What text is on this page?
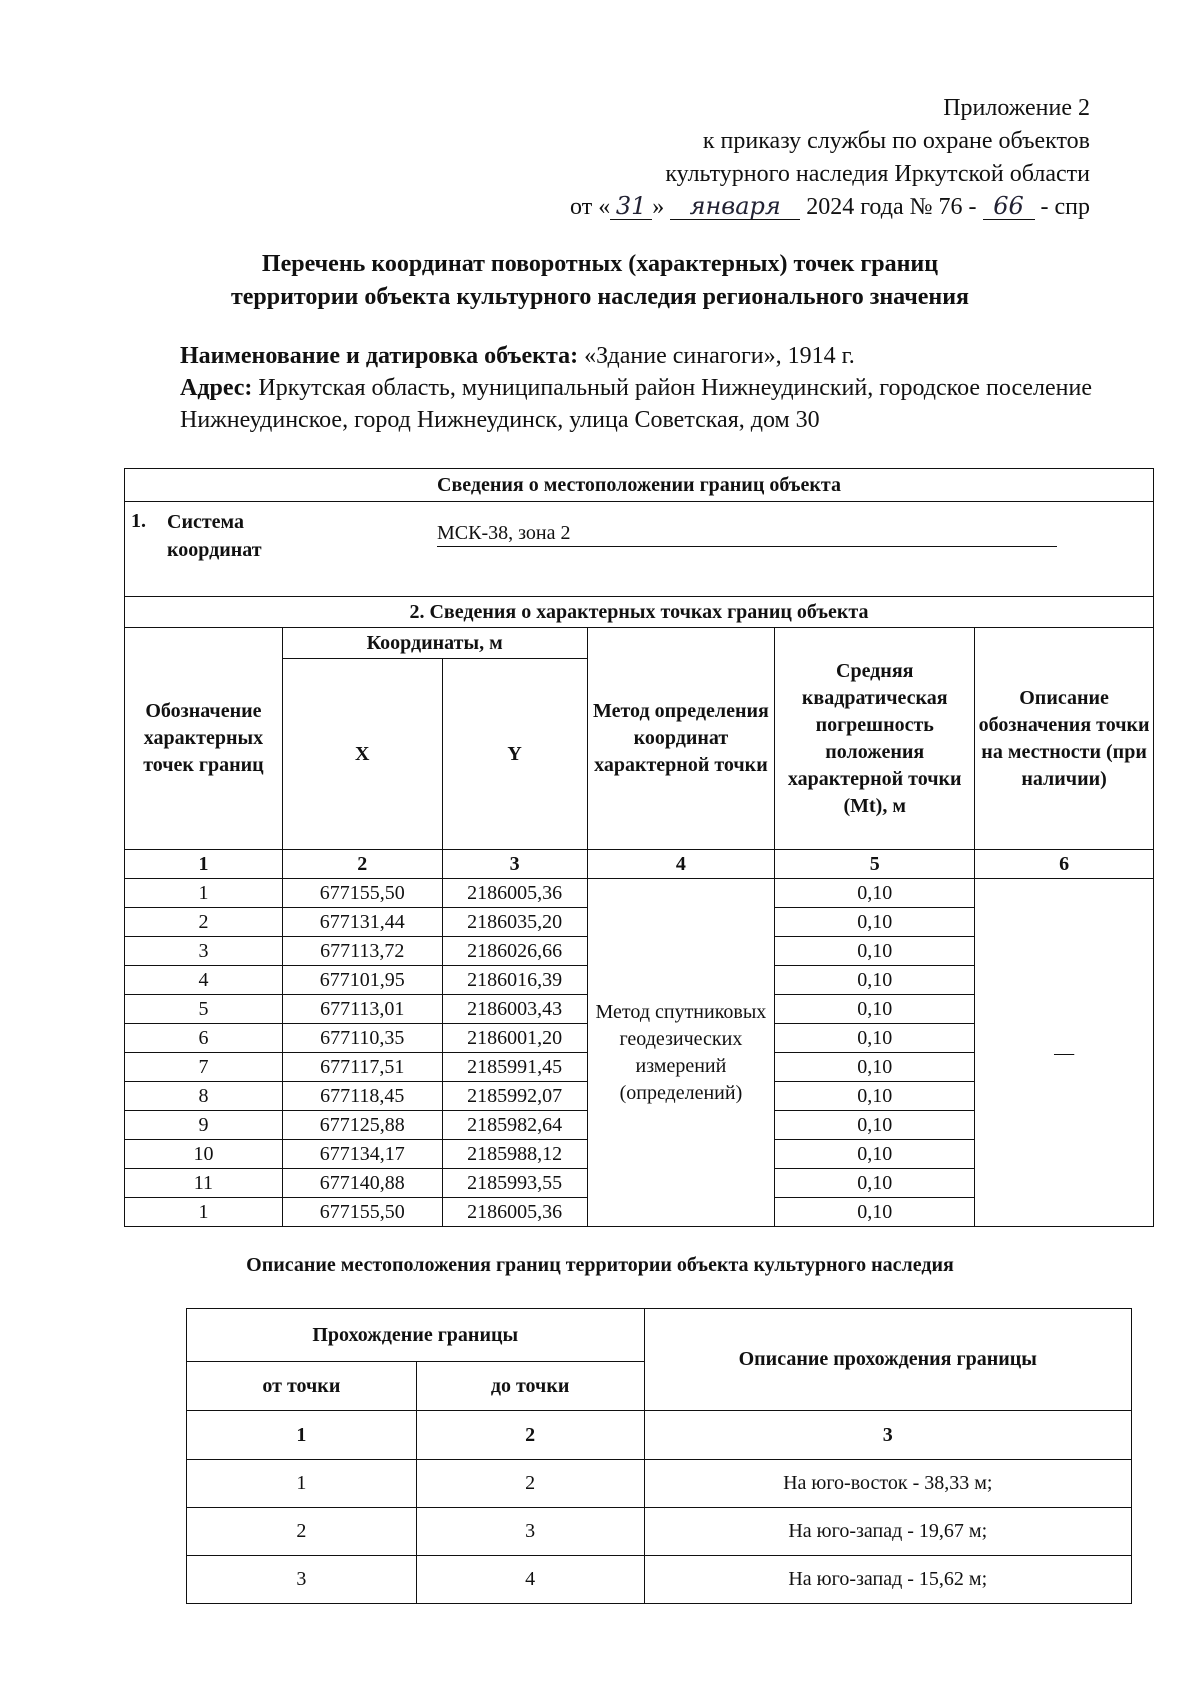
Приложение 2
к приказу службы по охране объектов
культурного наследия Иркутской области
от « 31 » января 2024 года № 76 - 66 - спр
Перечень координат поворотных (характерных) точек границ
территории объекта культурного наследия регионального значения
Наименование и датировка объекта: «Здание синагоги», 1914 г.
Адрес: Иркутская область, муниципальный район Нижнеудинский, городское поселение Нижнеудинское, город Нижнеудинск, улица Советская, дом 30
Сведения о местоположении границ объекта					

1. Система координат
МСК-38, зона 2					

2. Сведения о характерных точках границ объекта					
Обозначение характерных точек границ	Координаты, м		Метод определения координат характерной точки	Средняя квадратическая погрешность положения характерной точки (Mt), м	Описание обозначения точки на местности (при наличии)
	X	Y			
1	2	3	4	5	6
1	677155,50	2186005,36	Метод спутниковых геодезических измерений (определений)	0,10	—
2	677131,44	2186035,20		0,10	
3	677113,72	2186026,66		0,10	
4	677101,95	2186016,39		0,10	
5	677113,01	2186003,43		0,10	
6	677110,35	2186001,20		0,10	
7	677117,51	2185991,45		0,10	
8	677118,45	2185992,07		0,10	
9	677125,88	2185982,64		0,10	
10	677134,17	2185988,12		0,10	
11	677140,88	2185993,55		0,10	
1	677155,50	2186005,36		0,10	
Описание местоположения границ территории объекта культурного наследия
Прохождение границы		Описание прохождения границы
от точки	до точки	
1	2	3
1	2	На юго-восток - 38,33 м;
2	3	На юго-запад - 19,67 м;
3	4	На юго-запад - 15,62 м;
